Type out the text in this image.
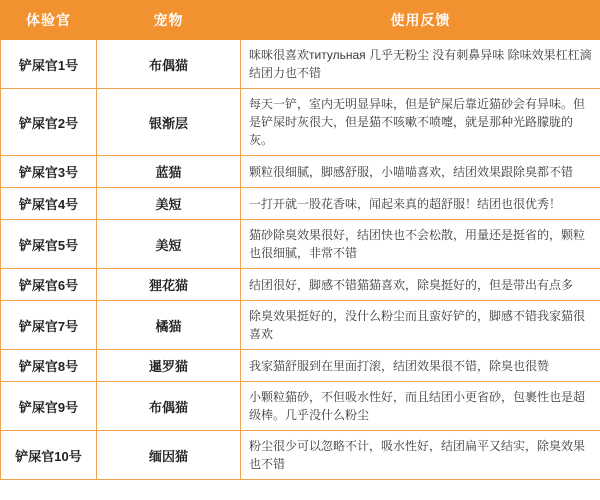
体验官	宠物	使用反馈
铲屎官1号	布偶猫	咪咪很喜欢титульная 几乎无粉尘 没有刺鼻异味 除味效果杠杠滴 结团力也不错
铲屎官2号	银渐层	每天一铲，室内无明显异味，但是铲屎后靠近猫砂会有异味。但是铲屎时灰很大，但是猫不咳嗽不喷嚏，就是那种光路朦胧的灰。
铲屎官3号	蓝猫	颗粒很细腻，脚感舒服，小喵喵喜欢，结团效果跟除臭都不错
铲屎官4号	美短	一打开就一股花香味，闻起来真的超舒服！结团也很优秀！
铲屎官5号	美短	猫砂除臭效果很好，结团快也不会松散，用量还是挺省的，颗粒也很细腻，非常不错
铲屎官6号	狸花猫	结团很好，脚感不错猫猫喜欢，除臭挺好的，但是带出有点多
铲屎官7号	橘猫	除臭效果挺好的，没什么粉尘而且蛮好铲的，脚感不错我家猫很喜欢
铲屎官8号	暹罗猫	我家猫舒服到在里面打滚，结团效果很不错，除臭也很赞
铲屎官9号	布偶猫	小颗粒猫砂，不但吸水性好，而且结团小更省砂，包裹性也是超级棒。几乎没什么粉尘
铲屎官10号	缅因猫	粉尘很少可以忽略不计，吸水性好，结团扁平又结实，除臭效果也不错
